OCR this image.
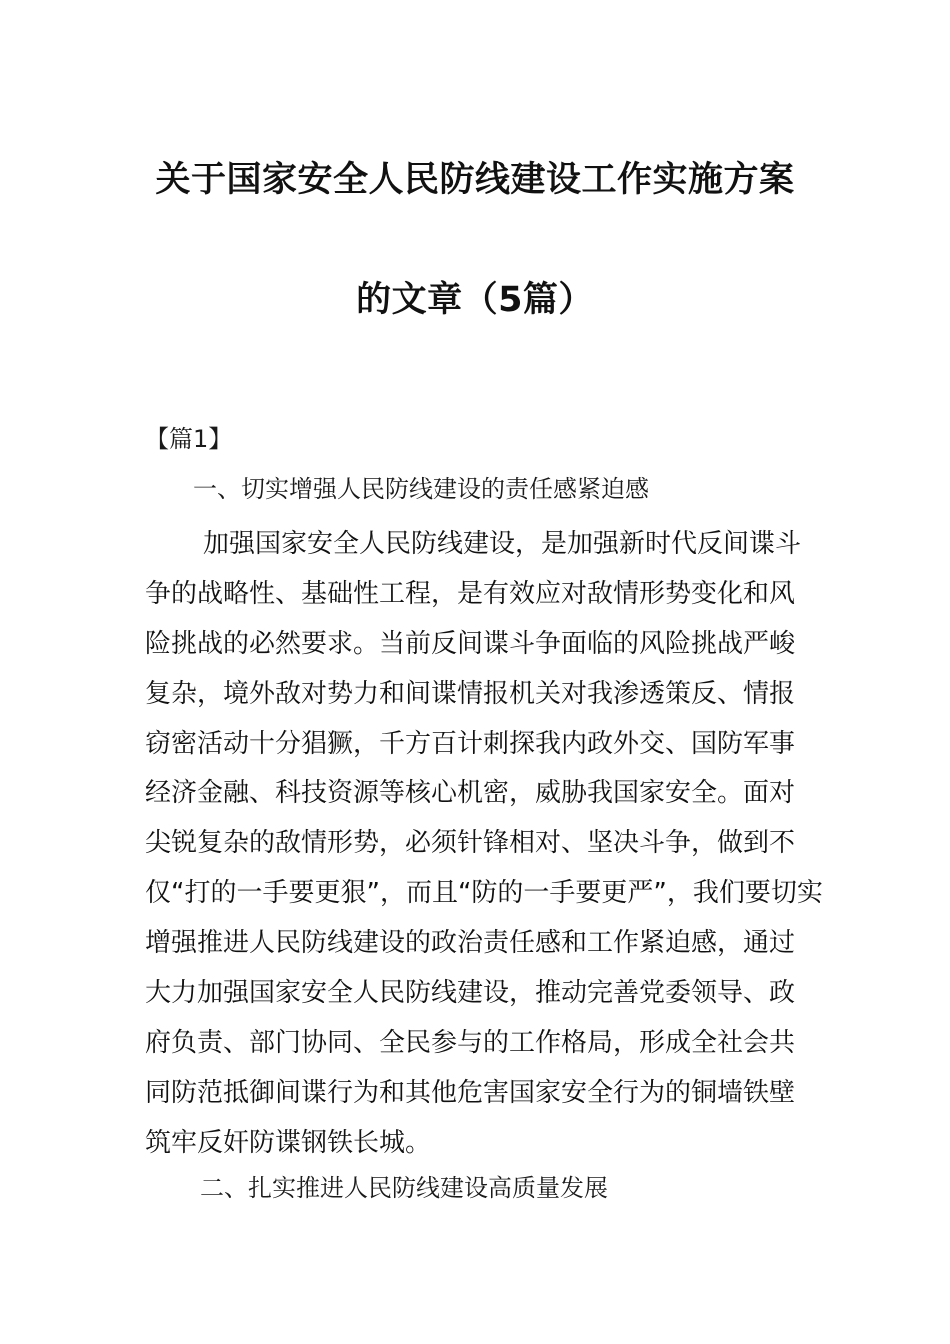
关于国家安全人民防线建设工作实施方案
的文章（5篇）
【篇1】
一、切实增强人民防线建设的责任感紧迫感
加强国家安全人民防线建设，是加强新时代反间谍斗
争的战略性、基础性工程，是有效应对敌情形势变化和风
险挑战的必然要求。当前反间谍斗争面临的风险挑战严峻
复杂，境外敌对势力和间谍情报机关对我渗透策反、情报
窃密活动十分猖獗，千方百计刺探我内政外交、国防军事
经济金融、科技资源等核心机密，威胁我国家安全。面对
尖锐复杂的敌情形势，必须针锋相对、坚决斗争，做到不
仅“打的一手要更狠”，而且“防的一手要更严”，我们要切实
增强推进人民防线建设的政治责任感和工作紧迫感，通过
大力加强国家安全人民防线建设，推动完善党委领导、政
府负责、部门协同、全民参与的工作格局，形成全社会共
同防范抵御间谍行为和其他危害国家安全行为的铜墙铁壁
筑牢反奸防谍钢铁长城。
二、扎实推进人民防线建设高质量发展
